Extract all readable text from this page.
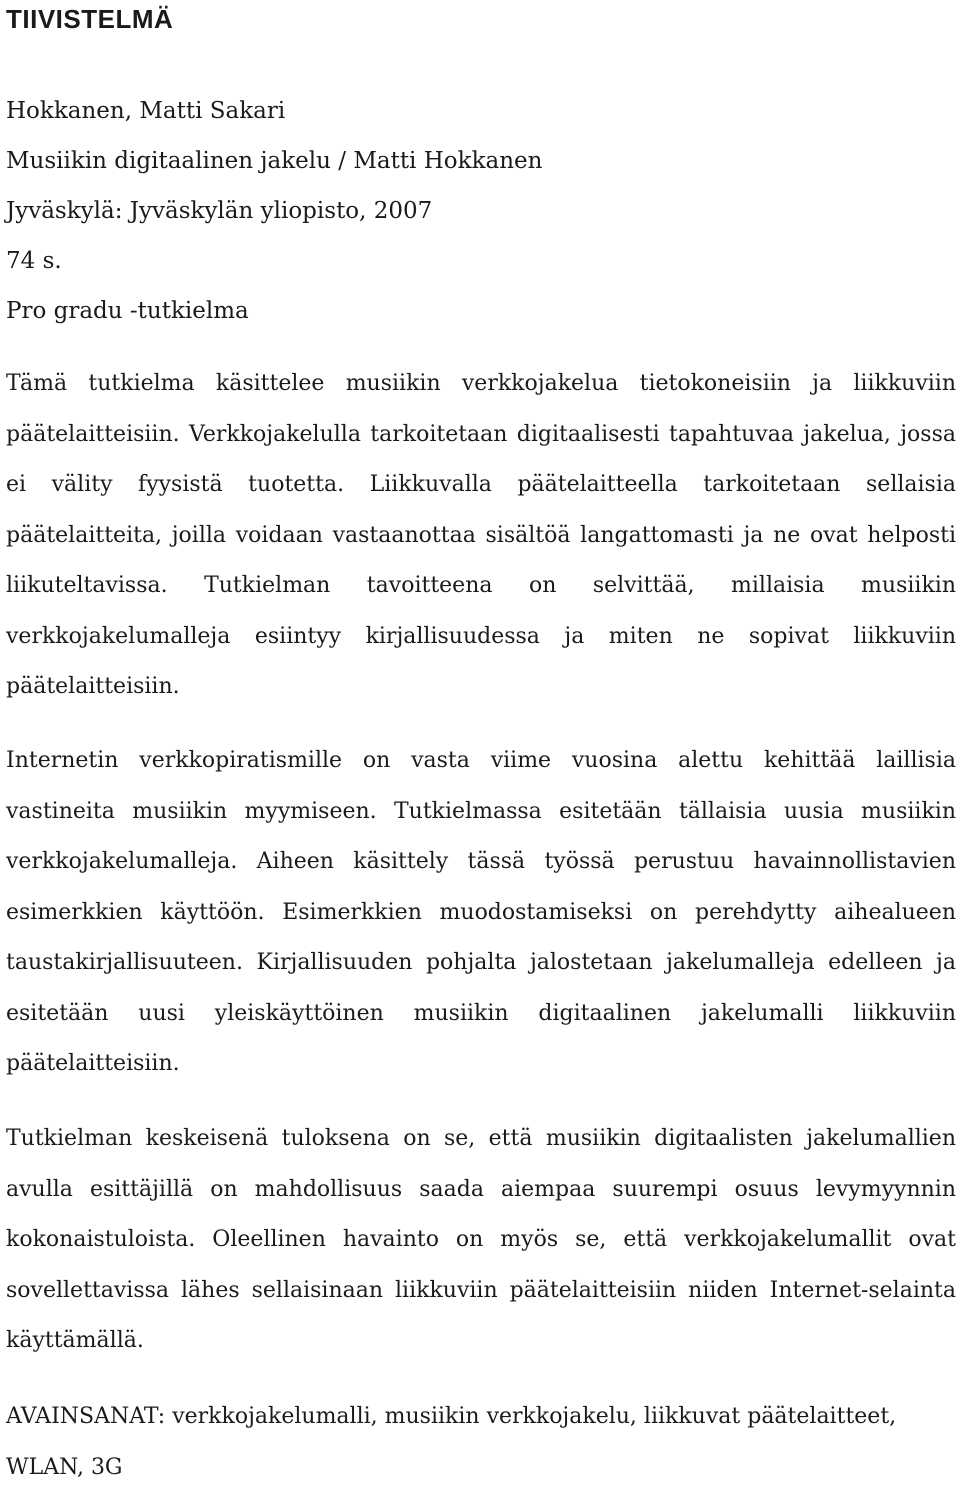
TIIVISTELMÄ
Hokkanen, Matti Sakari
Musiikin digitaalinen jakelu / Matti Hokkanen
Jyväskylä: Jyväskylän yliopisto, 2007
74 s.
Pro gradu -tutkielma

Tämä tutkielma käsittelee musiikin verkkojakelua tietokoneisiin ja liikkuviin päätelaitteisiin. Verkkojakelulla tarkoitetaan digitaalisesti tapahtuvaa jakelua, jossa ei välity fyysistä tuotetta. Liikkuvalla päätelaitteella tarkoitetaan sellaisia päätelaitteita, joilla voidaan vastaanottaa sisältöä langattomasti ja ne ovat helposti liikuteltavissa. Tutkielman tavoitteena on selvittää, millaisia musiikin verkkojakelumalleja esiintyy kirjallisuudessa ja miten ne sopivat liikkuviin päätelaitteisiin.

Internetin verkkopiratismille on vasta viime vuosina alettu kehittää laillisia vastineita musiikin myymiseen. Tutkielmassa esitetään tällaisia uusia musiikin verkkojakelumalleja. Aiheen käsittely tässä työssä perustuu havainnollistavien esimerkkien käyttöön. Esimerkkien muodostamiseksi on perehdytty aihealueen taustakirjallisuuteen. Kirjallisuuden pohjalta jalostetaan jakelumalleja edelleen ja esitetään uusi yleiskäyttöinen musiikin digitaalinen jakelumalli liikkuviin päätelaitteisiin.

Tutkielman keskeisenä tuloksena on se, että musiikin digitaalisten jakelumallien avulla esittäjillä on mahdollisuus saada aiempaa suurempi osuus levymyynnin kokonaistuloista. Oleellinen havainto on myös se, että verkkojakelumallit ovat sovellettavissa lähes sellaisinaan liikkuviin päätelaitteisiin niiden Internet-selainta käyttämällä.

AVAINSANAT: verkkojakelumalli, musiikin verkkojakelu, liikkuvat päätelaitteet, WLAN, 3G
